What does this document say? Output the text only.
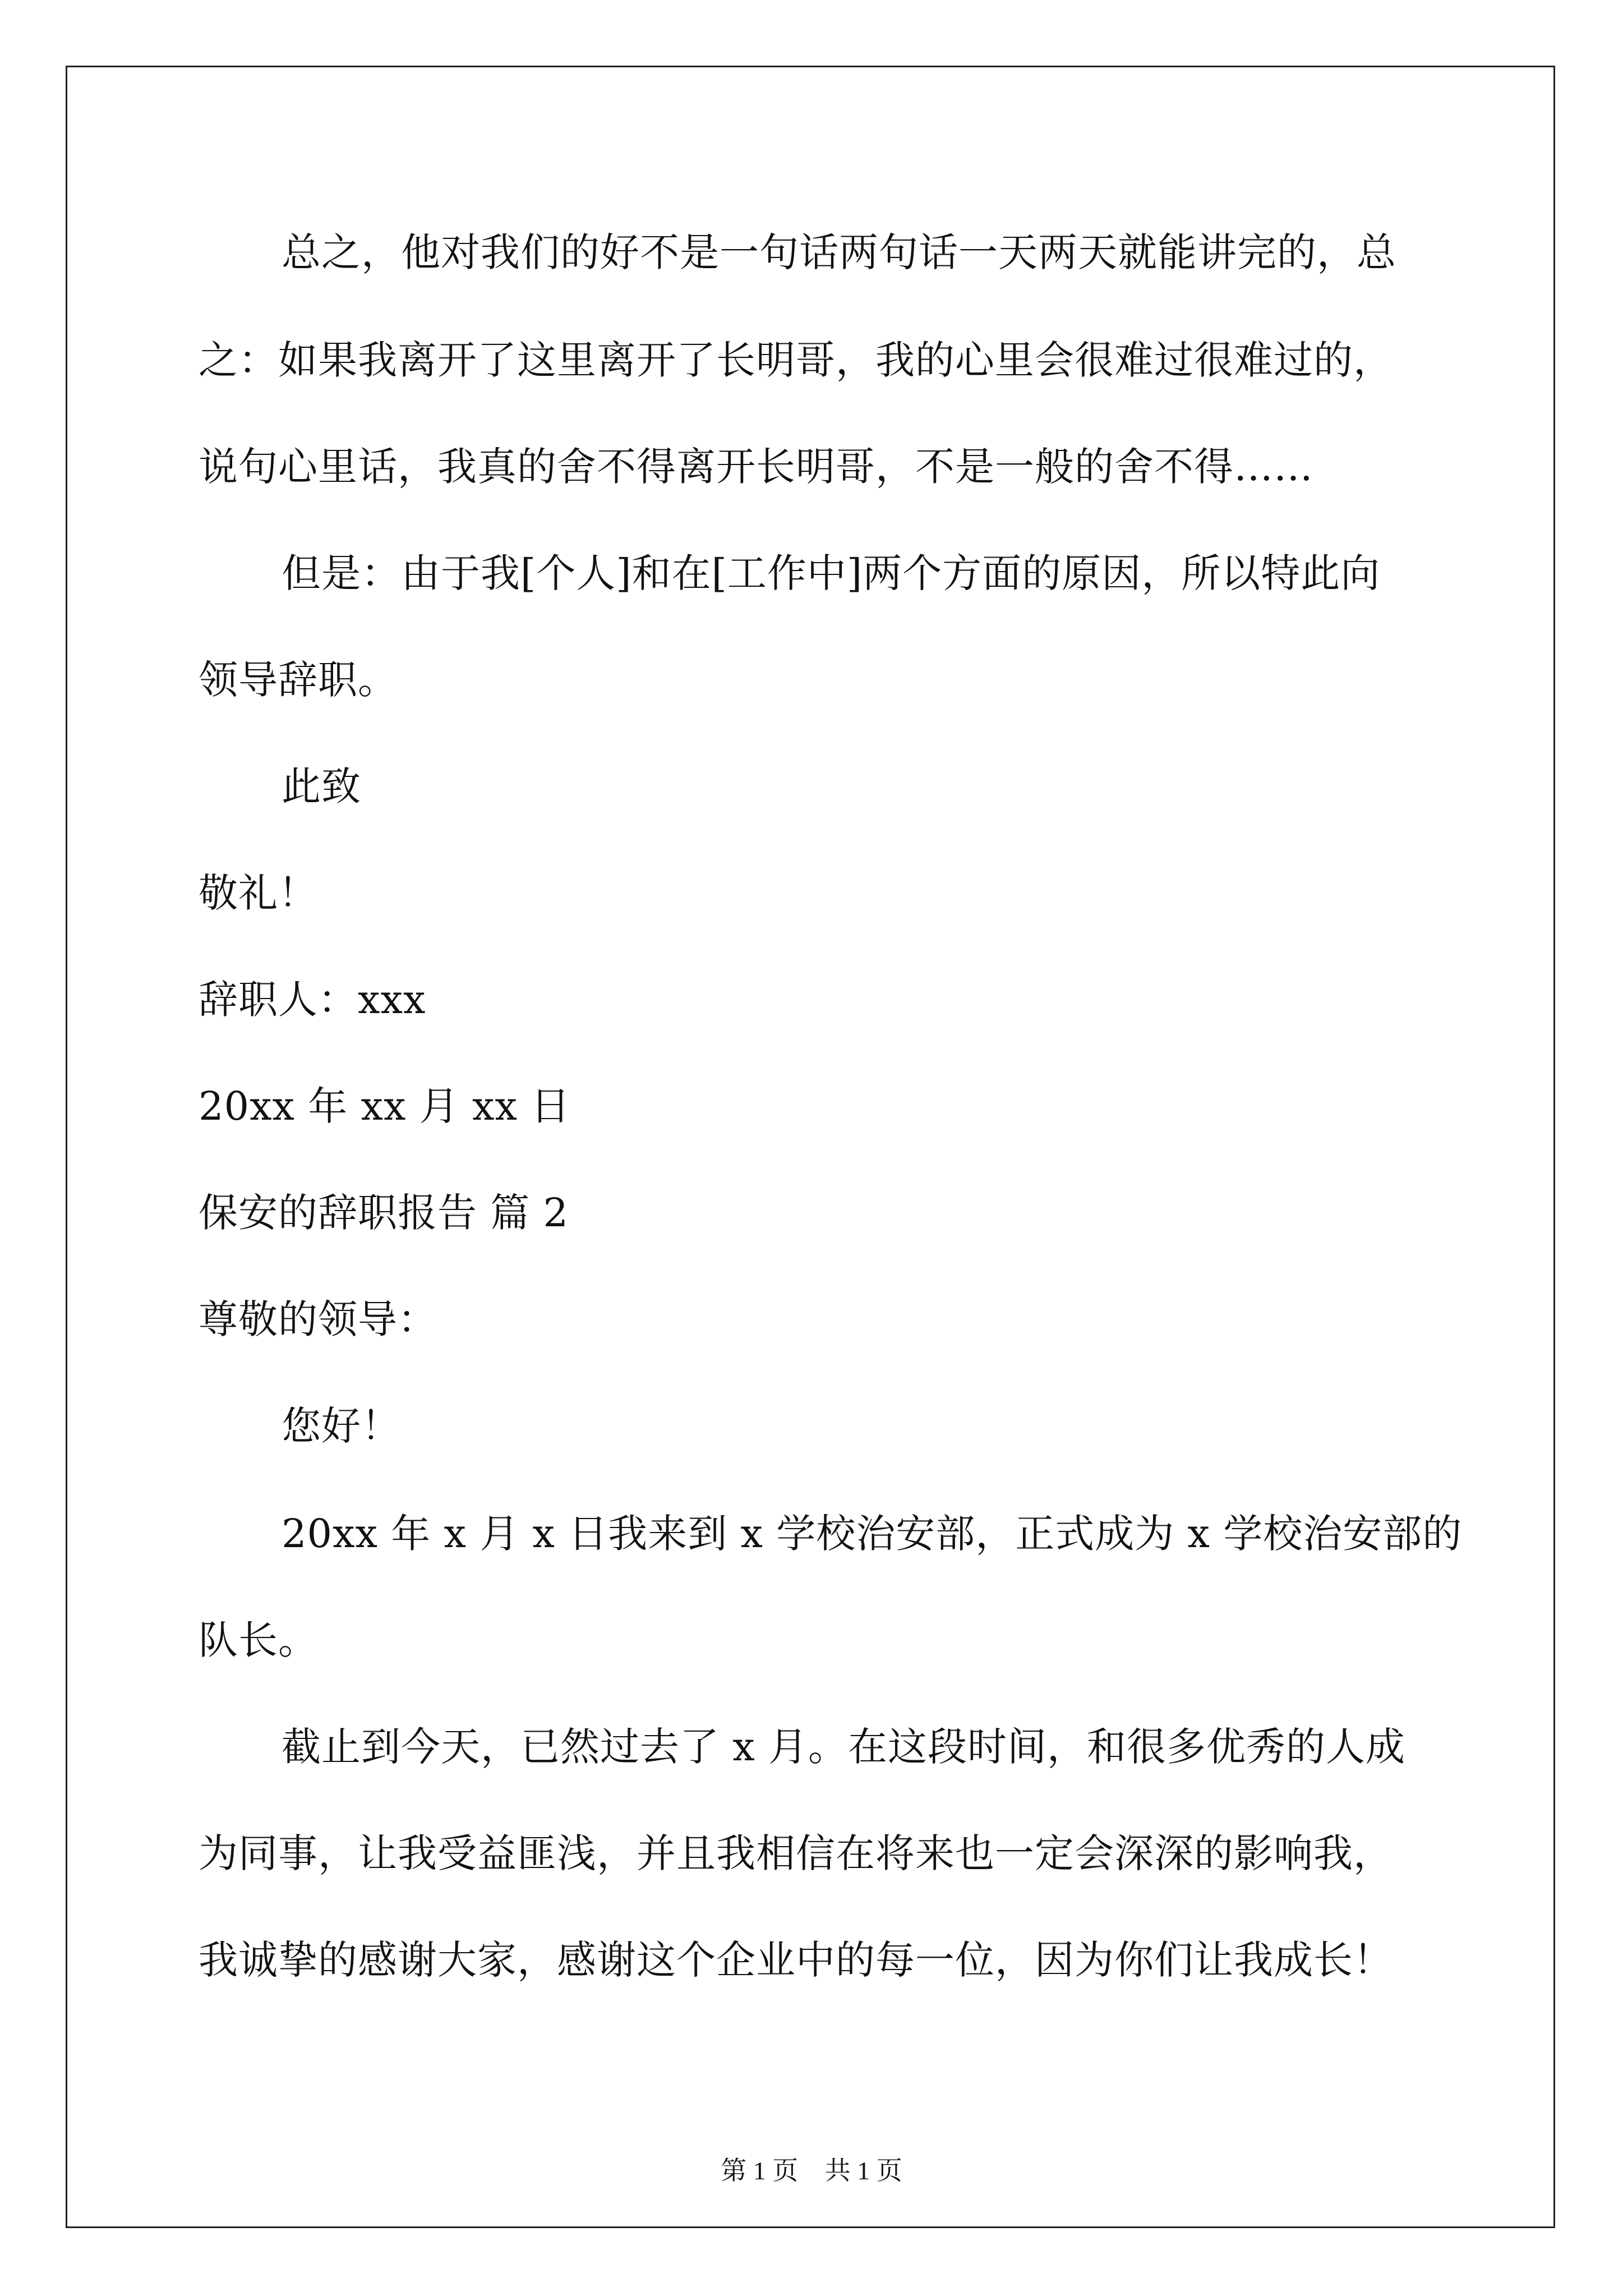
总之，他对我们的好不是一句话两句话一天两天就能讲完的，总
之：如果我离开了这里离开了长明哥，我的心里会很难过很难过的，
说句心里话，我真的舍不得离开长明哥，不是一般的舍不得……
但是：由于我[个人]和在[工作中]两个方面的原因，所以特此向
领导辞职。
此致
敬礼！
辞职人：xxx
20xx 年 xx 月 xx 日
保安的辞职报告 篇 2
尊敬的领导：
您好！
20xx 年 x 月 x 日我来到 x 学校治安部，正式成为 x 学校治安部的
队长。
截止到今天，已然过去了 x 月。在这段时间，和很多优秀的人成
为同事，让我受益匪浅，并且我相信在将来也一定会深深的影响我，
我诚挚的感谢大家，感谢这个企业中的每一位，因为你们让我成长！
第 1 页 共 1 页
